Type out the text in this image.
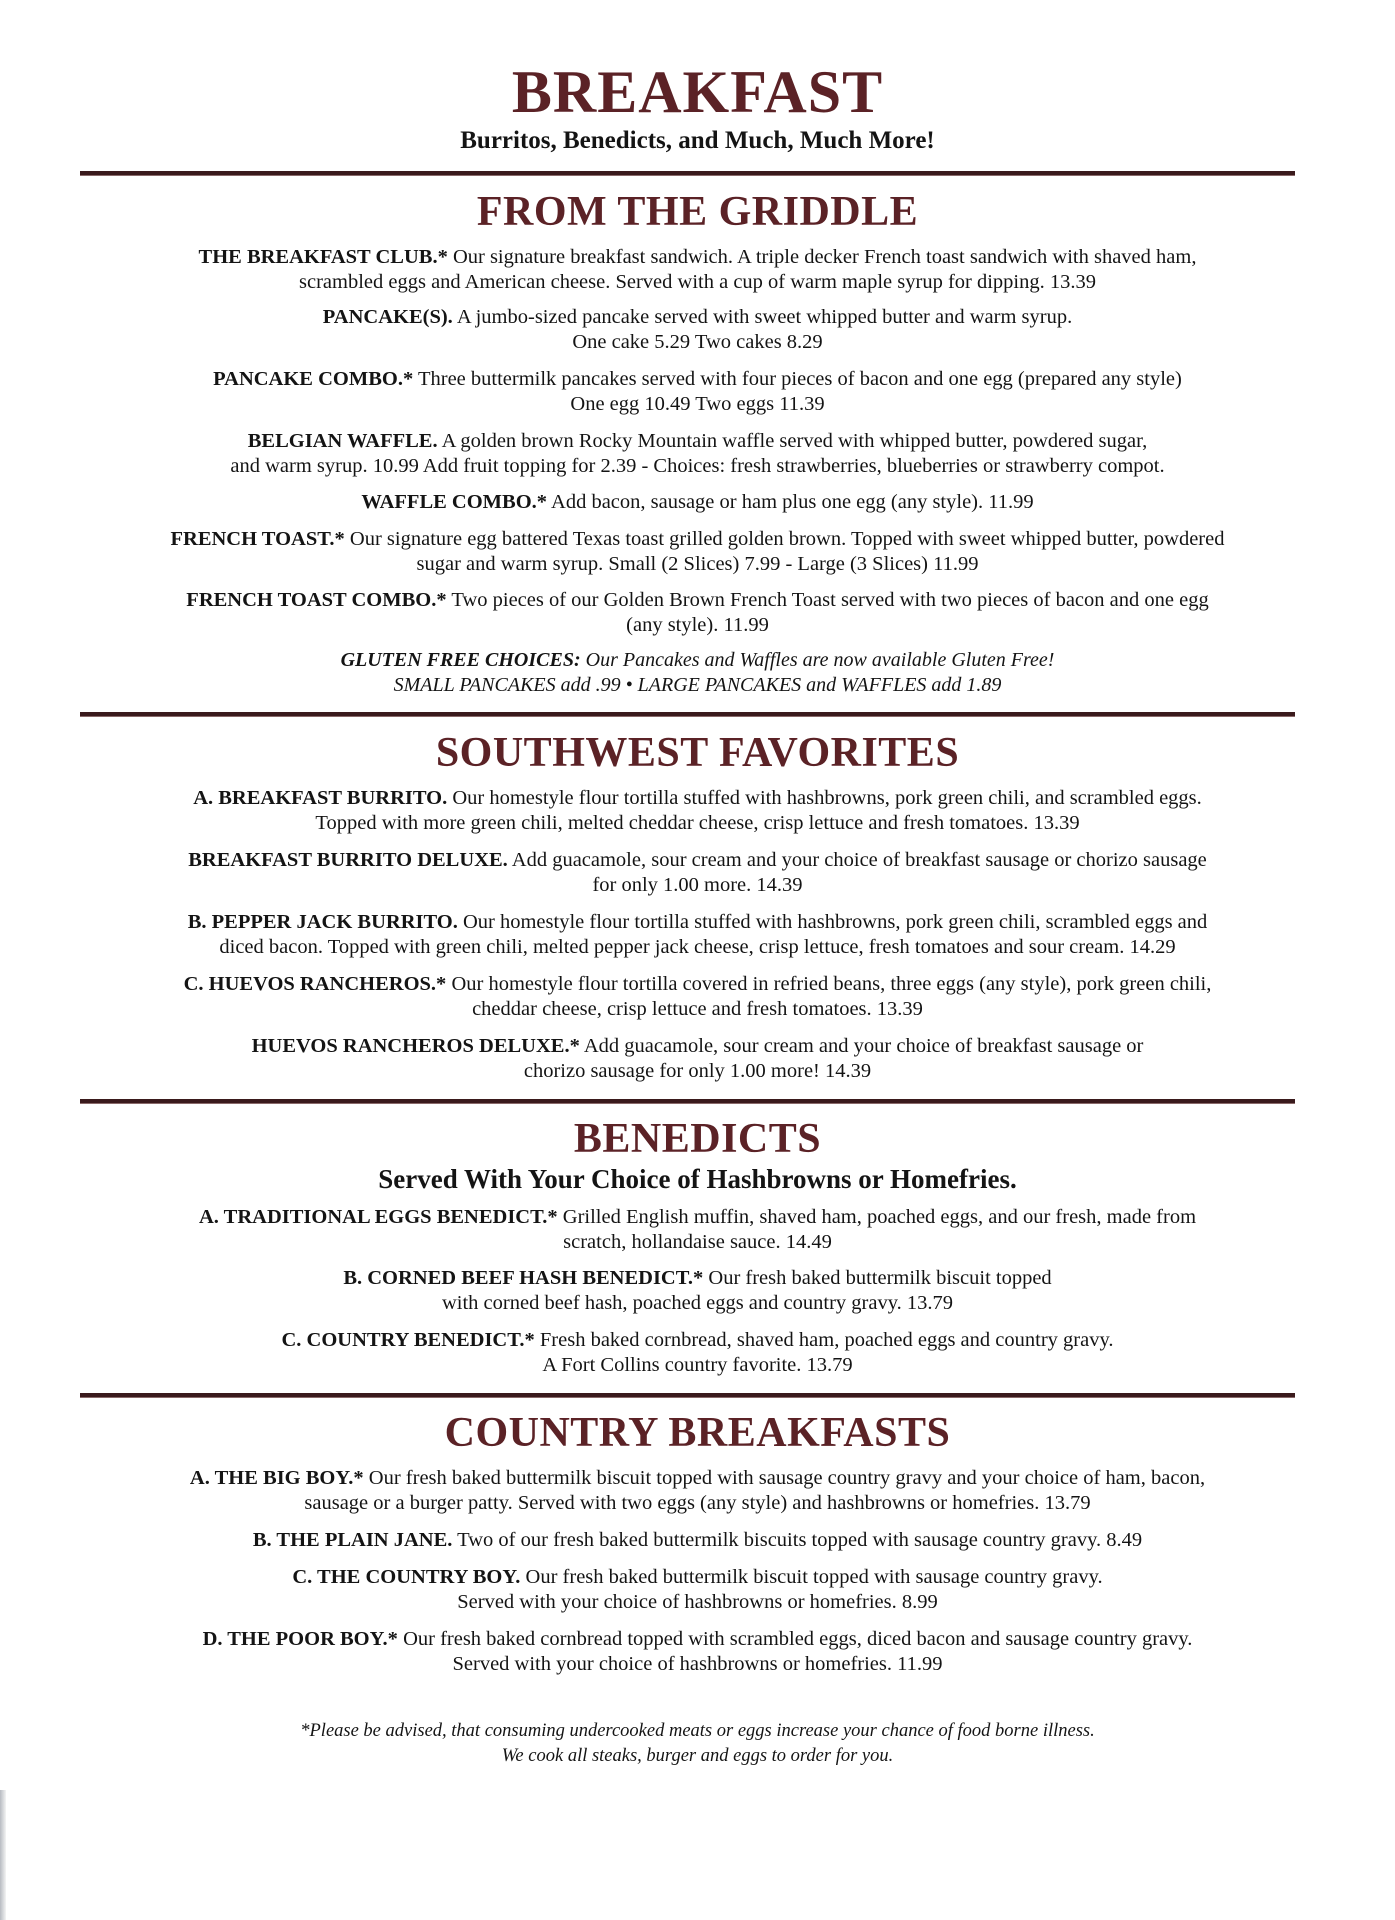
BREAKFAST
Burritos, Benedicts, and Much, Much More!
FROM THE GRIDDLE
THE BREAKFAST CLUB.* Our signature breakfast sandwich. A triple decker French toast sandwich with shaved ham,
scrambled eggs and American cheese. Served with a cup of warm maple syrup for dipping. 13.39
PANCAKE(S). A jumbo-sized pancake served with sweet whipped butter and warm syrup.
One cake 5.29 Two cakes 8.29
PANCAKE COMBO.* Three buttermilk pancakes served with four pieces of bacon and one egg (prepared any style)
One egg 10.49 Two eggs 11.39
BELGIAN WAFFLE. A golden brown Rocky Mountain waffle served with whipped butter, powdered sugar,
and warm syrup. 10.99 Add fruit topping for 2.39 - Choices: fresh strawberries, blueberries or strawberry compot.
WAFFLE COMBO.* Add bacon, sausage or ham plus one egg (any style). 11.99
FRENCH TOAST.* Our signature egg battered Texas toast grilled golden brown. Topped with sweet whipped butter, powdered
sugar and warm syrup. Small (2 Slices) 7.99 - Large (3 Slices) 11.99
FRENCH TOAST COMBO.* Two pieces of our Golden Brown French Toast served with two pieces of bacon and one egg
(any style). 11.99
GLUTEN FREE CHOICES: Our Pancakes and Waffles are now available Gluten Free!
SMALL PANCAKES add .99 • LARGE PANCAKES and WAFFLES add 1.89
SOUTHWEST FAVORITES
A. BREAKFAST BURRITO. Our homestyle flour tortilla stuffed with hashbrowns, pork green chili, and scrambled eggs.
Topped with more green chili, melted cheddar cheese, crisp lettuce and fresh tomatoes. 13.39
BREAKFAST BURRITO DELUXE. Add guacamole, sour cream and your choice of breakfast sausage or chorizo sausage
for only 1.00 more. 14.39
B. PEPPER JACK BURRITO. Our homestyle flour tortilla stuffed with hashbrowns, pork green chili, scrambled eggs and
diced bacon. Topped with green chili, melted pepper jack cheese, crisp lettuce, fresh tomatoes and sour cream. 14.29
C. HUEVOS RANCHEROS.* Our homestyle flour tortilla covered in refried beans, three eggs (any style), pork green chili,
cheddar cheese, crisp lettuce and fresh tomatoes. 13.39
HUEVOS RANCHEROS DELUXE.* Add guacamole, sour cream and your choice of breakfast sausage or
chorizo sausage for only 1.00 more! 14.39
BENEDICTS
Served With Your Choice of Hashbrowns or Homefries.
A. TRADITIONAL EGGS BENEDICT.* Grilled English muffin, shaved ham, poached eggs, and our fresh, made from
scratch, hollandaise sauce. 14.49
B. CORNED BEEF HASH BENEDICT.* Our fresh baked buttermilk biscuit topped
with corned beef hash, poached eggs and country gravy. 13.79
C. COUNTRY BENEDICT.* Fresh baked cornbread, shaved ham, poached eggs and country gravy.
A Fort Collins country favorite. 13.79
COUNTRY BREAKFASTS
A. THE BIG BOY.* Our fresh baked buttermilk biscuit topped with sausage country gravy and your choice of ham, bacon,
sausage or a burger patty. Served with two eggs (any style) and hashbrowns or homefries. 13.79
B. THE PLAIN JANE. Two of our fresh baked buttermilk biscuits topped with sausage country gravy. 8.49
C. THE COUNTRY BOY. Our fresh baked buttermilk biscuit topped with sausage country gravy.
Served with your choice of hashbrowns or homefries. 8.99
D. THE POOR BOY.* Our fresh baked cornbread topped with scrambled eggs, diced bacon and sausage country gravy.
Served with your choice of hashbrowns or homefries. 11.99
*Please be advised, that consuming undercooked meats or eggs increase your chance of food borne illness.
We cook all steaks, burger and eggs to order for you.
